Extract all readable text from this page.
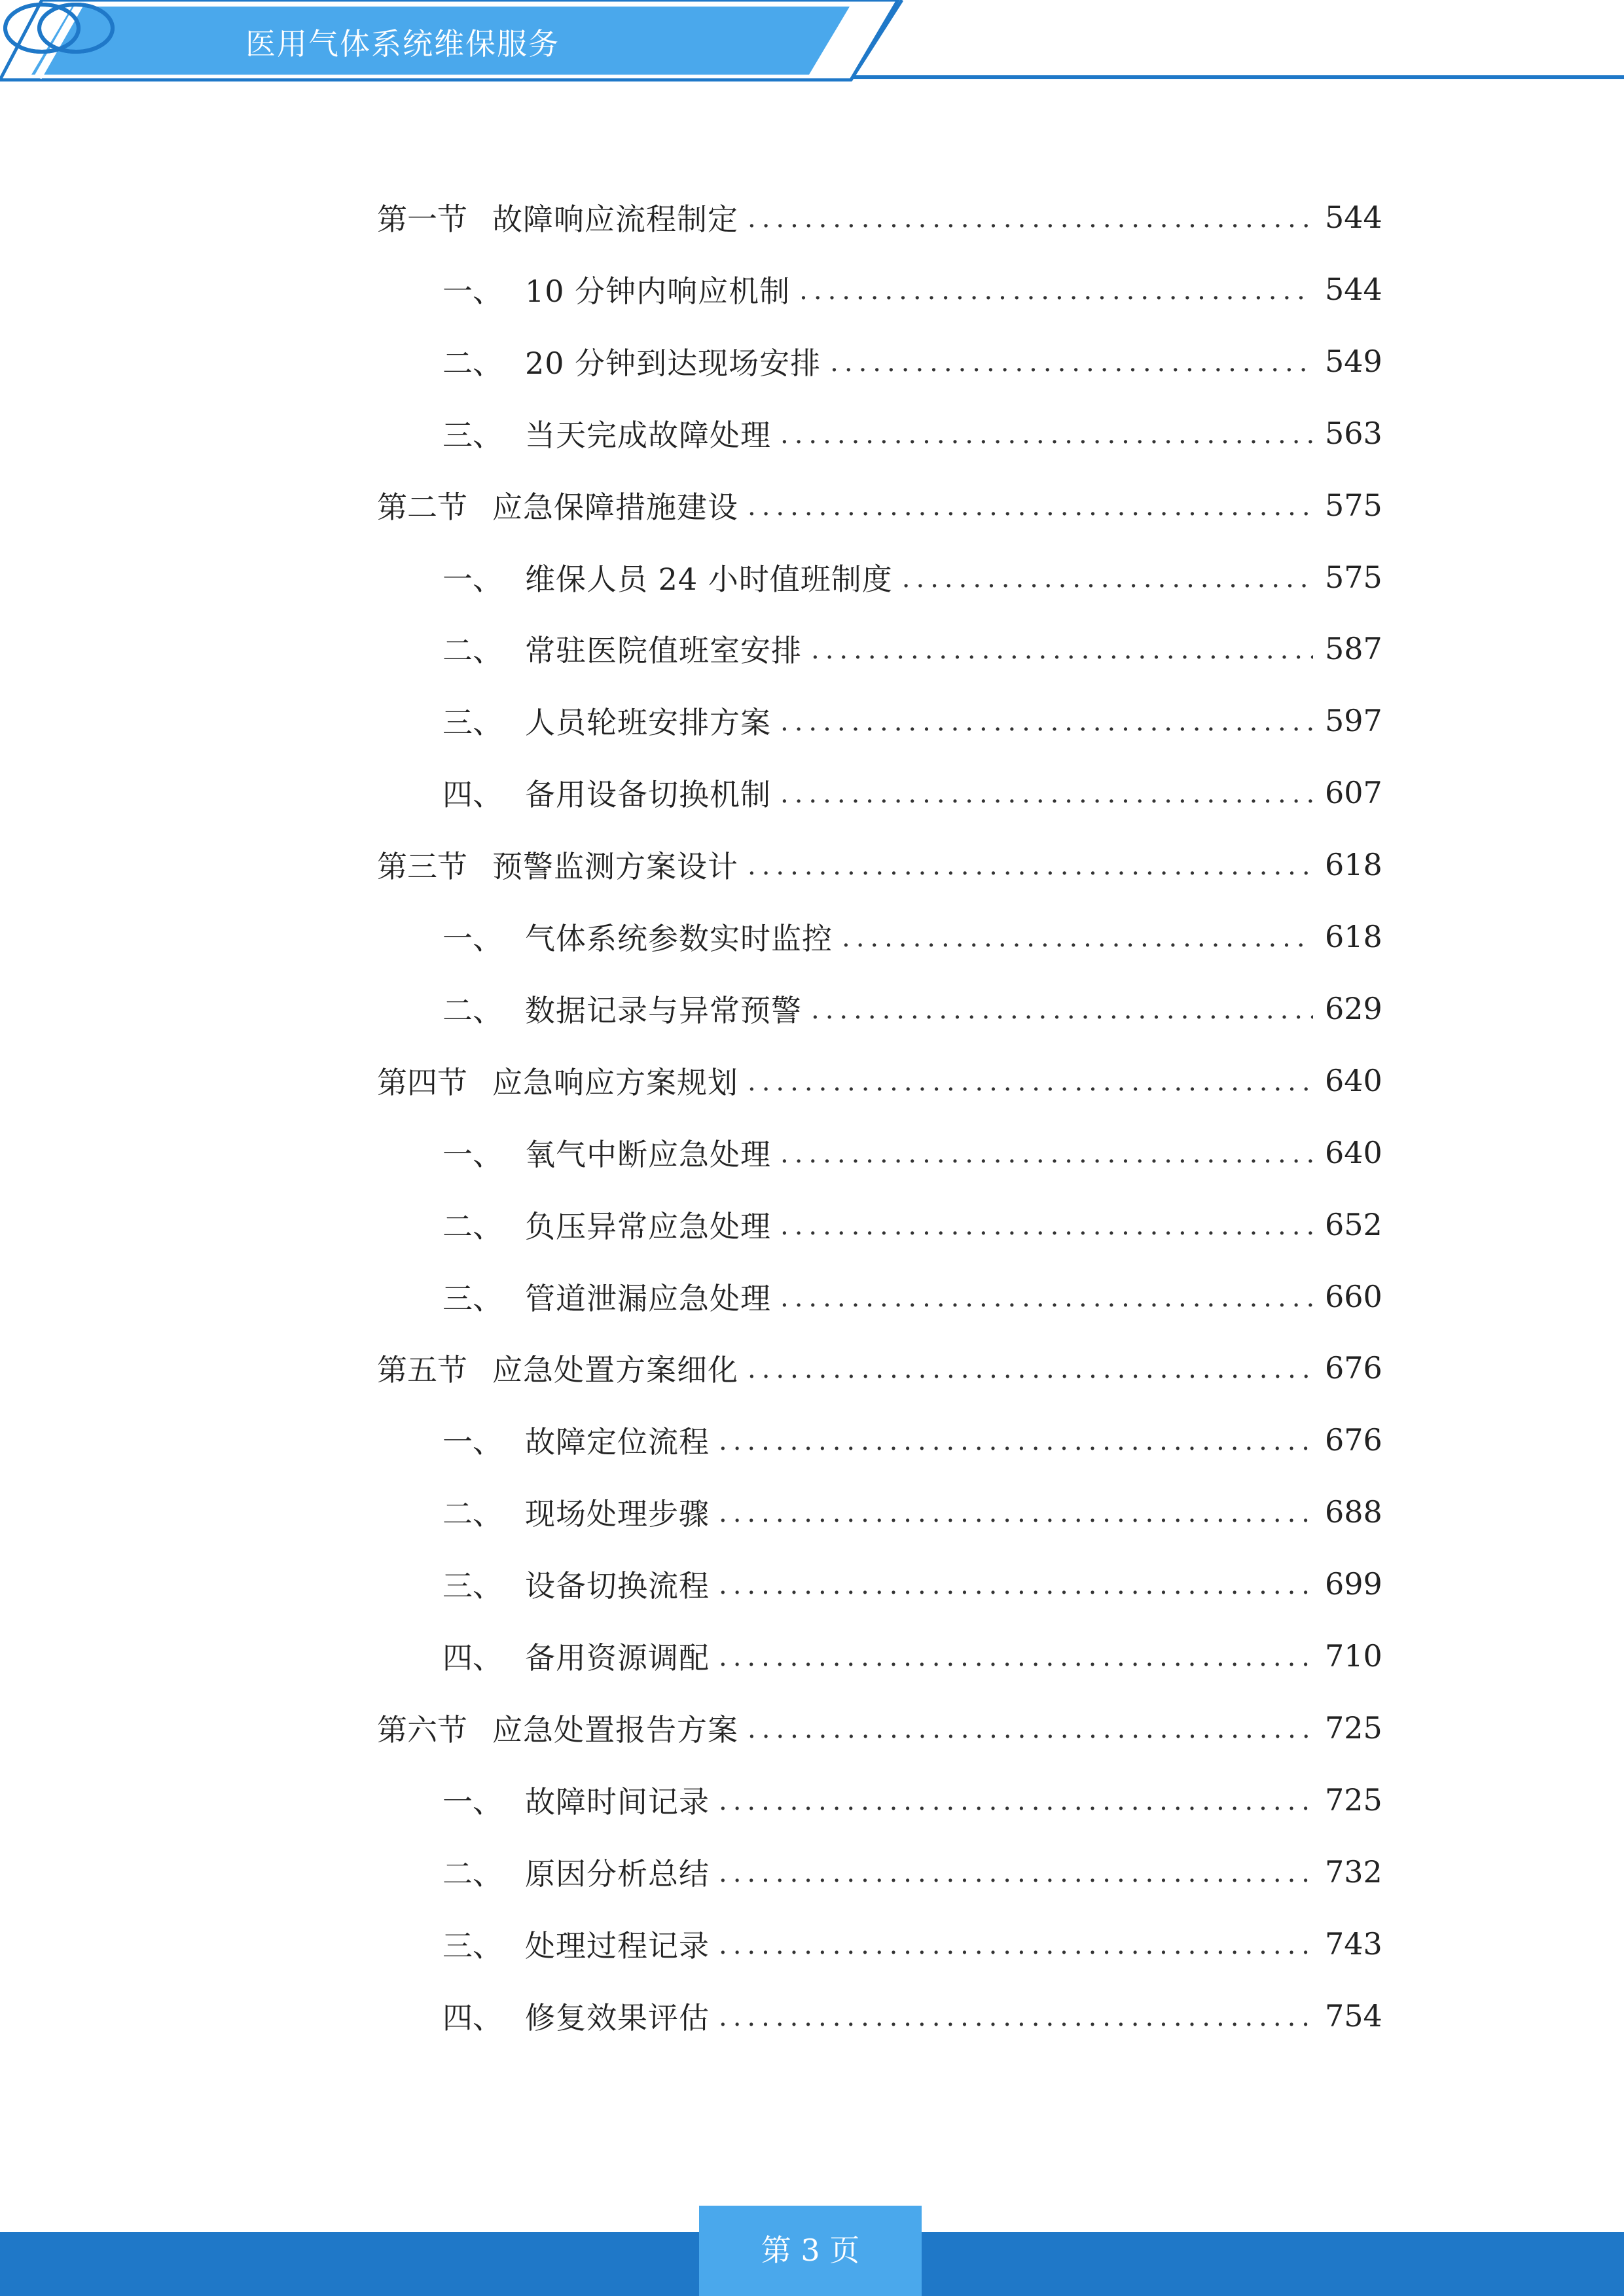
医用气体系统维保服务
第一节 故障响应流程制定 .....	544
一、 10 分钟内响应机制 .....	544
二、 20 分钟到达现场安排 .....	549
三、 当天完成故障处理 .....	563
第二节 应急保障措施建设 .....	575
一、 维保人员 24 小时值班制度 .....	575
二、 常驻医院值班室安排 .....	587
三、 人员轮班安排方案 .....	597
四、 备用设备切换机制 .....	607
第三节 预警监测方案设计 .....	618
一、 气体系统参数实时监控 .....	618
二、 数据记录与异常预警 .....	629
第四节 应急响应方案规划 .....	640
一、 氧气中断应急处理 .....	640
二、 负压异常应急处理 .....	652
三、 管道泄漏应急处理 .....	660
第五节 应急处置方案细化 .....	676
一、 故障定位流程 .....	676
二、 现场处理步骤 .....	688
三、 设备切换流程 .....	699
四、 备用资源调配 .....	710
第六节 应急处置报告方案 .....	725
一、 故障时间记录 .....	725
二、 原因分析总结 .....	732
三、 处理过程记录 .....	743
四、 修复效果评估 .....	754
第 3 页
